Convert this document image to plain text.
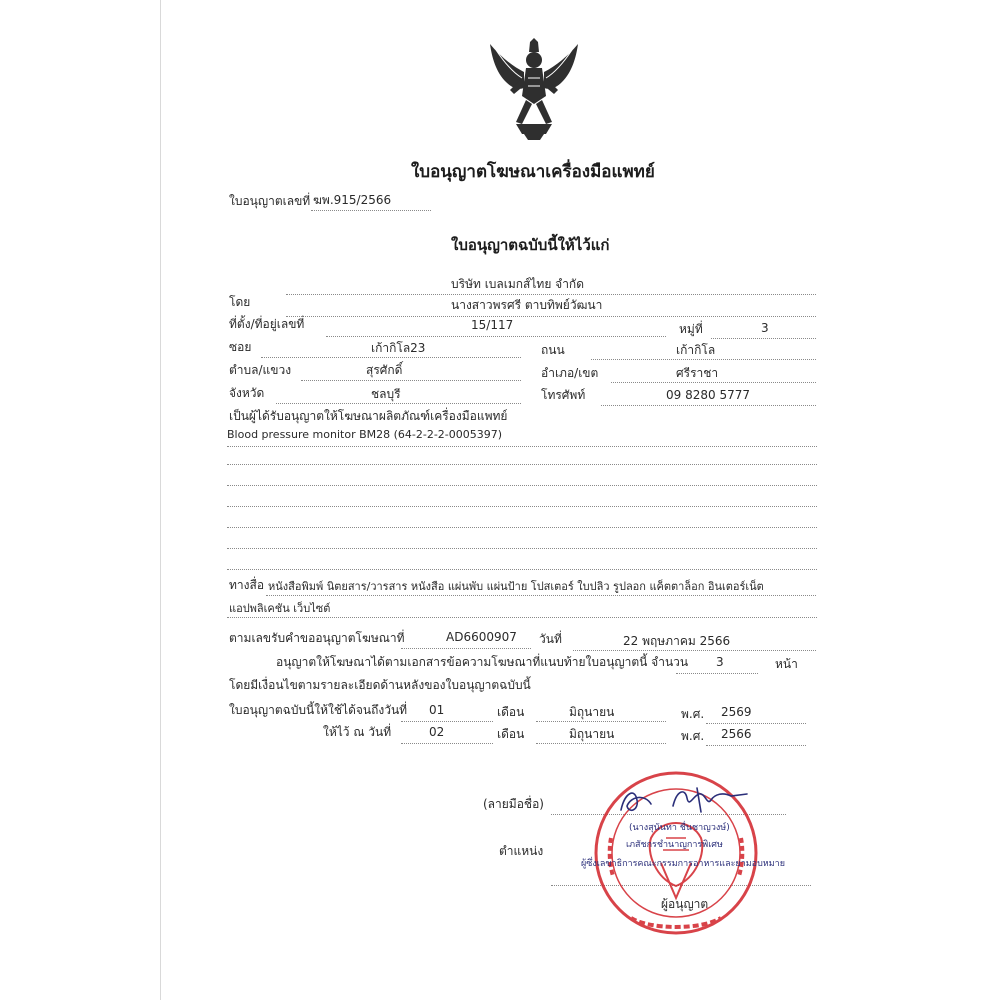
ใบอนุญาตโฆษณาเครื่องมือแพทย์
ใบอนุญาตเลขที่ ฆพ.915/2566
ใบอนุญาตฉบับนี้ให้ไว้แก่
บริษัท เบลเมกส์ไทย จำกัด
โดย	นางสาวพรศรี ตาบทิพย์วัฒนา
ที่ตั้ง/ที่อยู่เลขที่	15/117	หมู่ที่	3
ซอย	เก้ากิโล23	ถนน	เก้ากิโล
ตำบล/แขวง	สุรศักดิ์	อำเภอ/เขต	ศรีราชา
จังหวัด	ชลบุรี	โทรศัพท์	09 8280 5777
เป็นผู้ได้รับอนุญาตให้โฆษณาผลิตภัณฑ์เครื่องมือแพทย์
Blood pressure monitor BM28 (64-2-2-2-0005397)
ทางสื่อ หนังสือพิมพ์ นิตยสาร/วารสาร หนังสือ แผ่นพับ แผ่นป้าย โปสเตอร์ ใบปลิว รูปลอก แค็ตตาล็อก อินเตอร์เน็ต
แอปพลิเคชัน เว็บไซต์
ตามเลขรับคำขออนุญาตโฆษณาที่	AD6600907 วันที่	22 พฤษภาคม 2566
อนุญาตให้โฆษณาได้ตามเอกสารข้อความโฆษณาที่แนบท้ายใบอนุญาตนี้ จำนวน 3	หน้า
โดยมีเงื่อนไขตามรายละเอียดด้านหลังของใบอนุญาตฉบับนี้
ใบอนุญาตฉบับนี้ให้ใช้ได้จนถึงวันที่ 01	เดือน	มิถุนายน	พ.ศ. 2569
ให้ไว้ ณ วันที่	02	เดือน	มิถุนายน	พ.ศ. 2566
(ลายมือชื่อ)
ตำแหน่ง
(นางสุนันทา ชื่นชาญวงษ์)
เภสัชกรชำนาญการพิเศษ
ผู้ซึ่งเลขาธิการคณะกรรมการอาหารและยามอบหมาย
ผู้อนุญาต
